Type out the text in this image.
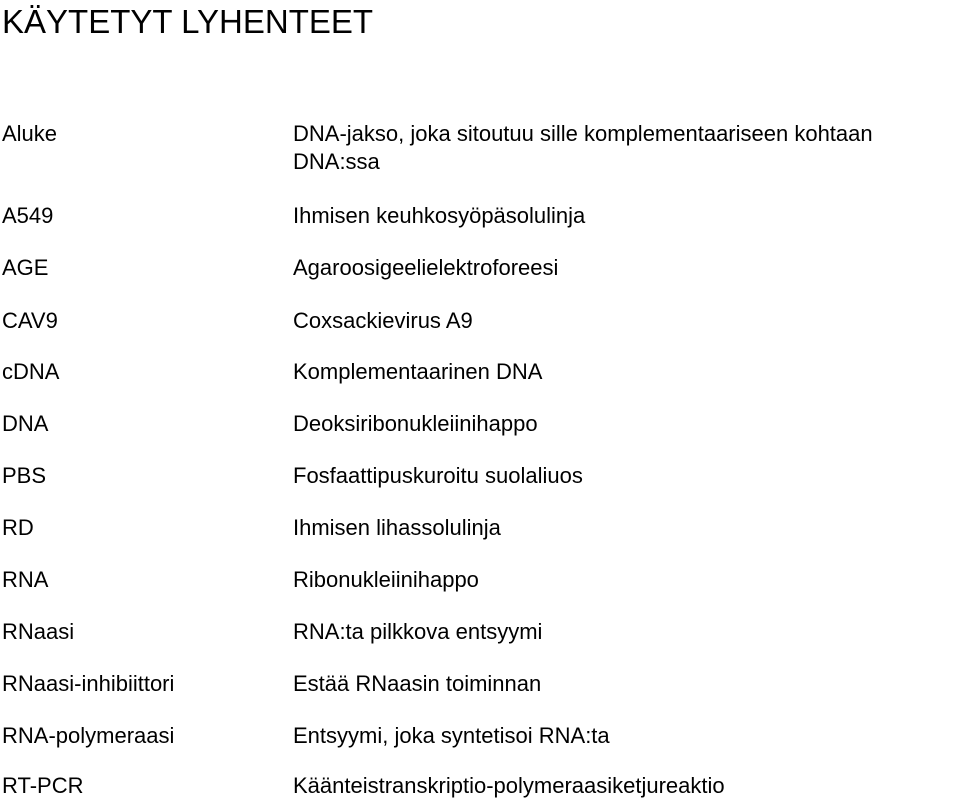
KÄYTETYT LYHENTEET
Aluke	DNA-jakso, joka sitoutuu sille komplementaariseen kohtaan DNA:ssa
A549	Ihmisen keuhkosyöpäsolulinja
AGE	Agaroosigeelielektroforeesi
CAV9	Coxsackievirus A9
cDNA	Komplementaarinen DNA
DNA	Deoksiribonukleiinihappo
PBS	Fosfaattipuskuroitu suolaliuos
RD	Ihmisen lihassolulinja
RNA	Ribonukleiinihappo
RNaasi	RNA:ta pilkkova entsyymi
RNaasi-inhibiittori	Estää RNaasin toiminnan
RNA-polymeraasi	Entsyymi, joka syntetisoi RNA:ta
RT-PCR	Käänteistranskriptio-polymeraasiketjureaktio
